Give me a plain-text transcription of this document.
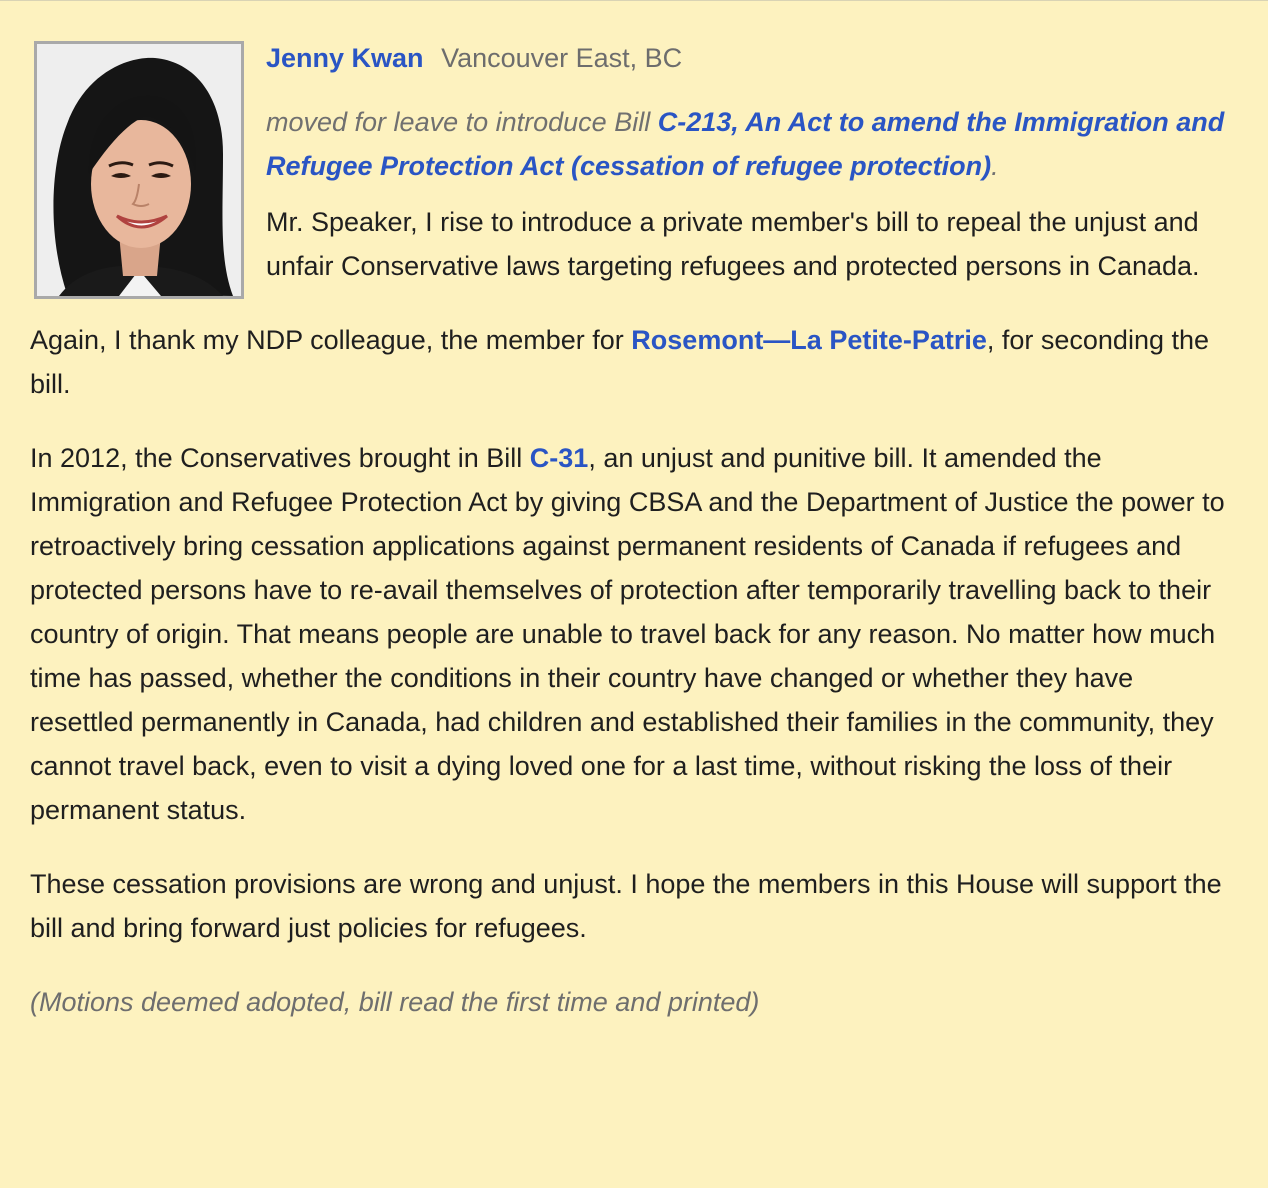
Jenny Kwan Vancouver East, BC
moved for leave to introduce Bill C-213, An Act to amend the Immigration and Refugee Protection Act (cessation of refugee protection).

Mr. Speaker, I rise to introduce a private member's bill to repeal the unjust and unfair Conservative laws targeting refugees and protected persons in Canada.

Again, I thank my NDP colleague, the member for Rosemont—La Petite-Patrie, for seconding the bill.

In 2012, the Conservatives brought in Bill C-31, an unjust and punitive bill. It amended the Immigration and Refugee Protection Act by giving CBSA and the Department of Justice the power to retroactively bring cessation applications against permanent residents of Canada if refugees and protected persons have to re-avail themselves of protection after temporarily travelling back to their country of origin. That means people are unable to travel back for any reason. No matter how much time has passed, whether the conditions in their country have changed or whether they have resettled permanently in Canada, had children and established their families in the community, they cannot travel back, even to visit a dying loved one for a last time, without risking the loss of their permanent status.

These cessation provisions are wrong and unjust. I hope the members in this House will support the bill and bring forward just policies for refugees.

(Motions deemed adopted, bill read the first time and printed)
